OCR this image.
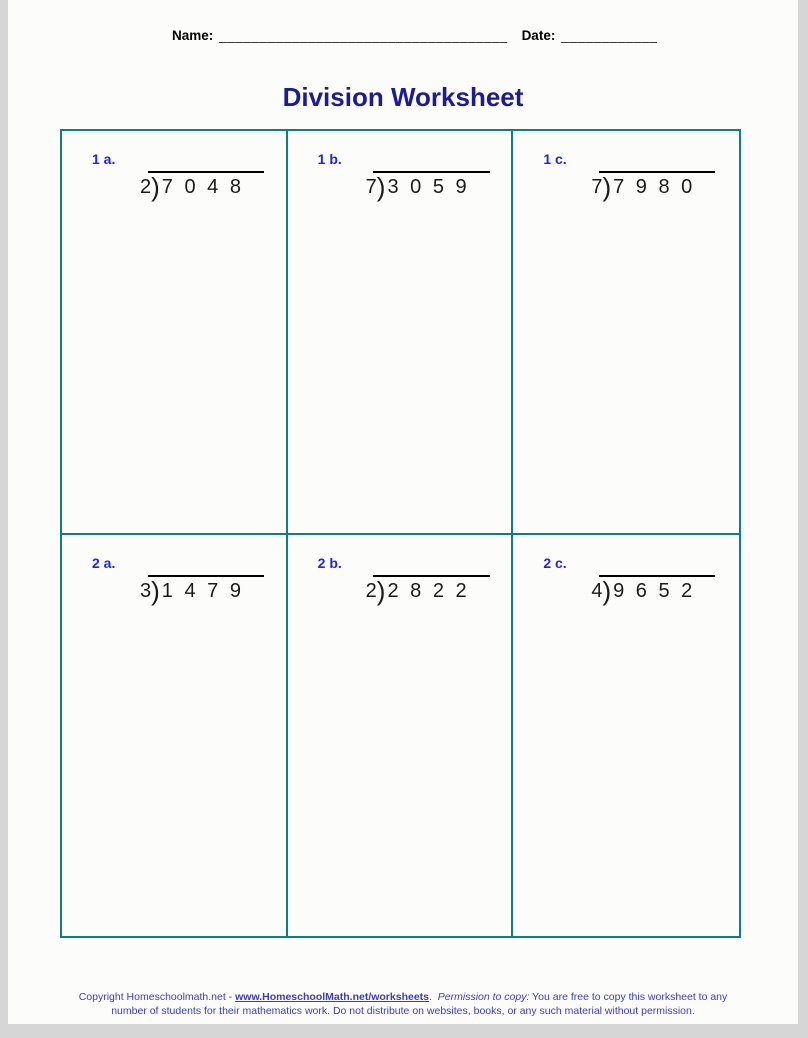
Name: ____________________________________ Date: ____________
Division Worksheet
1 a.
2) 7 0 4 8
1 b.
7) 3 0 5 9
1 c.
7) 7 9 8 0
2 a.
3) 1 4 7 9
2 b.
2) 2 8 2 2
2 c.
4) 9 6 5 2
Copyright Homeschoolmath.net - www.HomeschoolMath.net/worksheets.  Permission to copy: You are free to copy this worksheet to any
number of students for their mathematics work. Do not distribute on websites, books, or any such material without permission.
